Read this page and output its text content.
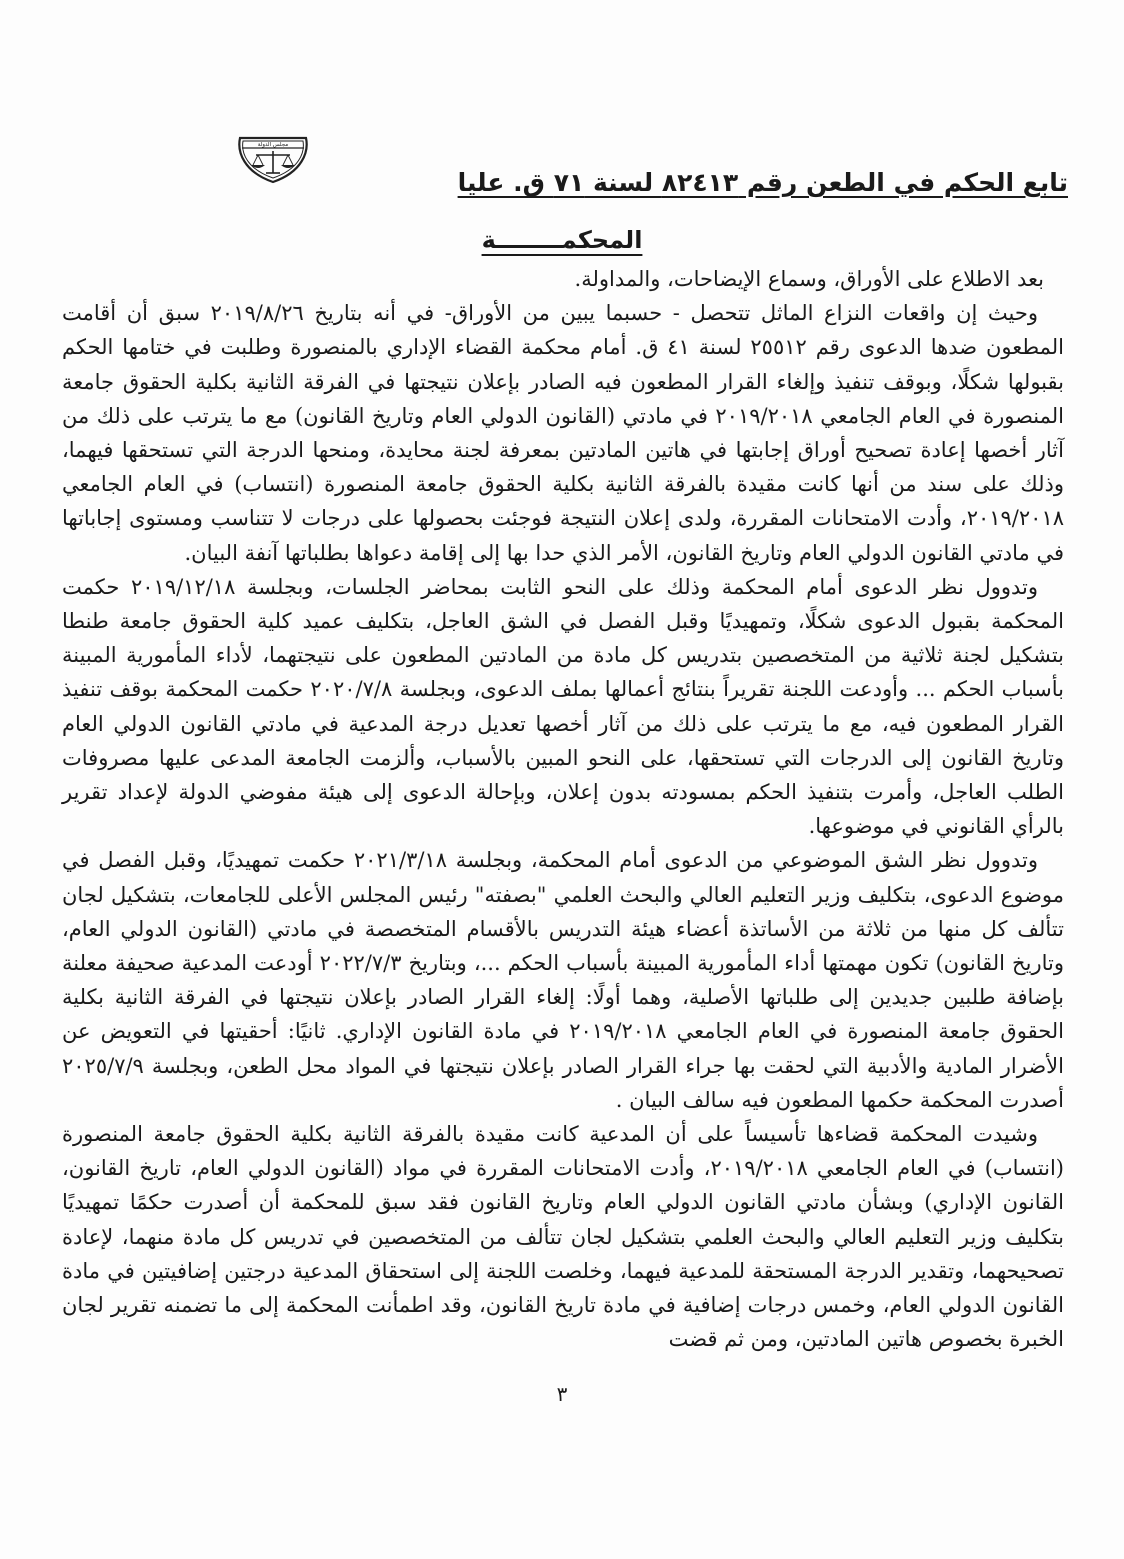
مجلس الدولة
تابع الحكم في الطعن رقم ٨٢٤١٣ لسنة ٧١ ق. عليا
المحكمــــــــة

بعد الاطلاع على الأوراق، وسماع الإيضاحات، والمداولة.

وحيث إن واقعات النزاع الماثل تتحصل - حسبما يبين من الأوراق- في أنه بتاريخ ٢٠١٩/٨/٢٦ سبق أن أقامت المطعون ضدها الدعوى رقم ٢٥٥١٢ لسنة ٤١ ق. أمام محكمة القضاء الإداري بالمنصورة وطلبت في ختامها الحكم بقبولها شكلًا، وبوقف تنفيذ وإلغاء القرار المطعون فيه الصادر بإعلان نتيجتها في الفرقة الثانية بكلية الحقوق جامعة المنصورة في العام الجامعي ٢٠١٩/٢٠١٨ في مادتي (القانون الدولي العام وتاريخ القانون) مع ما يترتب على ذلك من آثار أخصها إعادة تصحيح أوراق إجابتها في هاتين المادتين بمعرفة لجنة محايدة، ومنحها الدرجة التي تستحقها فيهما، وذلك على سند من أنها كانت مقيدة بالفرقة الثانية بكلية الحقوق جامعة المنصورة (انتساب) في العام الجامعي ٢٠١٩/٢٠١٨، وأدت الامتحانات المقررة، ولدى إعلان النتيجة فوجئت بحصولها على درجات لا تتناسب ومستوى إجاباتها في مادتي القانون الدولي العام وتاريخ القانون، الأمر الذي حدا بها إلى إقامة دعواها بطلباتها آنفة البيان.

وتدوول نظر الدعوى أمام المحكمة وذلك على النحو الثابت بمحاضر الجلسات، وبجلسة ٢٠١٩/١٢/١٨ حكمت المحكمة بقبول الدعوى شكلًا، وتمهيديًا وقبل الفصل في الشق العاجل، بتكليف عميد كلية الحقوق جامعة طنطا بتشكيل لجنة ثلاثية من المتخصصين بتدريس كل مادة من المادتين المطعون على نتيجتهما، لأداء المأمورية المبينة بأسباب الحكم ... وأودعت اللجنة تقريراً بنتائج أعمالها بملف الدعوى، وبجلسة ٢٠٢٠/٧/٨ حكمت المحكمة بوقف تنفيذ القرار المطعون فيه، مع ما يترتب على ذلك من آثار أخصها تعديل درجة المدعية في مادتي القانون الدولي العام وتاريخ القانون إلى الدرجات التي تستحقها، على النحو المبين بالأسباب، وألزمت الجامعة المدعى عليها مصروفات الطلب العاجل، وأمرت بتنفيذ الحكم بمسودته بدون إعلان، وبإحالة الدعوى إلى هيئة مفوضي الدولة لإعداد تقرير بالرأي القانوني في موضوعها.

وتدوول نظر الشق الموضوعي من الدعوى أمام المحكمة، وبجلسة ٢٠٢١/٣/١٨ حكمت تمهيديًا، وقبل الفصل في موضوع الدعوى، بتكليف وزير التعليم العالي والبحث العلمي "بصفته" رئيس المجلس الأعلى للجامعات، بتشكيل لجان تتألف كل منها من ثلاثة من الأساتذة أعضاء هيئة التدريس بالأقسام المتخصصة في مادتي (القانون الدولي العام، وتاريخ القانون) تكون مهمتها أداء المأمورية المبينة بأسباب الحكم ...، وبتاريخ ٢٠٢٢/٧/٣ أودعت المدعية صحيفة معلنة بإضافة طلبين جديدين إلى طلباتها الأصلية، وهما أولًا: إلغاء القرار الصادر بإعلان نتيجتها في الفرقة الثانية بكلية الحقوق جامعة المنصورة في العام الجامعي ٢٠١٩/٢٠١٨ في مادة القانون الإداري. ثانيًا: أحقيتها في التعويض عن الأضرار المادية والأدبية التي لحقت بها جراء القرار الصادر بإعلان نتيجتها في المواد محل الطعن، وبجلسة ٢٠٢٥/٧/٩ أصدرت المحكمة حكمها المطعون فيه سالف البيان .

وشيدت المحكمة قضاءها تأسيساً على أن المدعية كانت مقيدة بالفرقة الثانية بكلية الحقوق جامعة المنصورة (انتساب) في العام الجامعي ٢٠١٩/٢٠١٨، وأدت الامتحانات المقررة في مواد (القانون الدولي العام، تاريخ القانون، القانون الإداري) وبشأن مادتي القانون الدولي العام وتاريخ القانون فقد سبق للمحكمة أن أصدرت حكمًا تمهيديًا بتكليف وزير التعليم العالي والبحث العلمي بتشكيل لجان تتألف من المتخصصين في تدريس كل مادة منهما، لإعادة تصحيحهما، وتقدير الدرجة المستحقة للمدعية فيهما، وخلصت اللجنة إلى استحقاق المدعية درجتين إضافيتين في مادة القانون الدولي العام، وخمس درجات إضافية في مادة تاريخ القانون، وقد اطمأنت المحكمة إلى ما تضمنه تقرير لجان الخبرة بخصوص هاتين المادتين، ومن ثم قضت

٣
